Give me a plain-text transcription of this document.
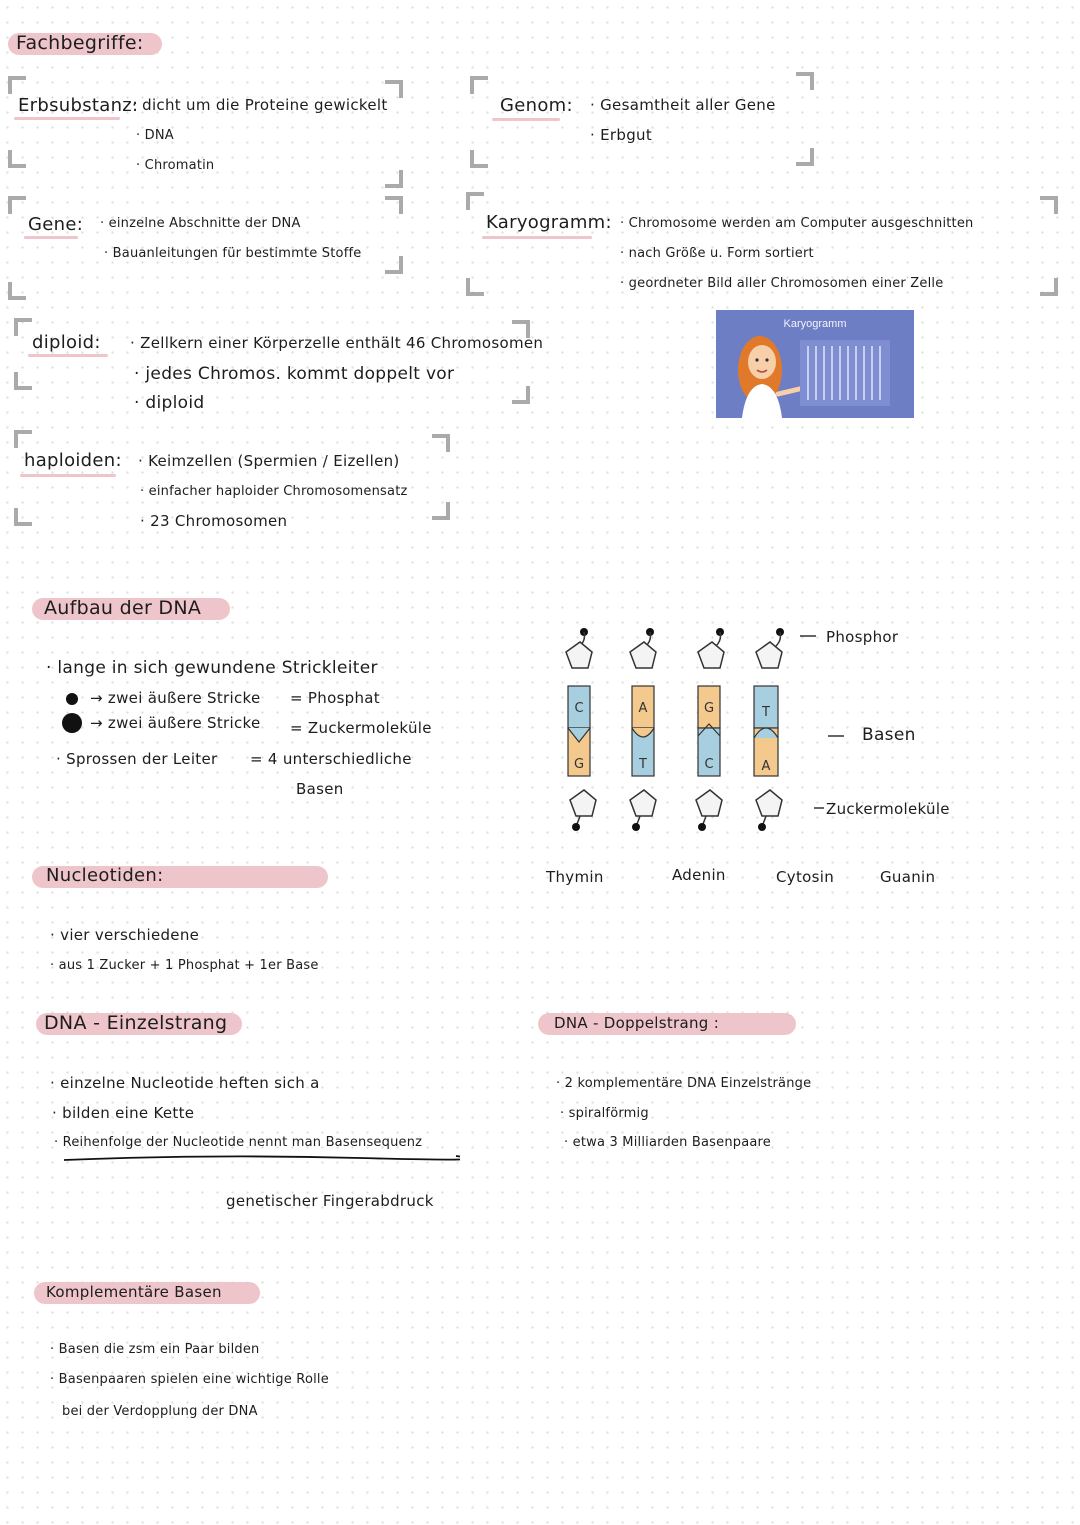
Fachbegriffe:
Erbsubstanz:
· dicht um die Proteine gewickelt
· DNA
· Chromatin
Genom: · Gesamtheit aller Gene
· Erbgut
Gene: · einzelne Abschnitte der DNA
· Bauanleitungen für bestimmte Stoffe
Karyogramm: · Chromosome werden am Computer ausgeschnitten
· nach Größe u. Form sortiert
· geordneter Bild aller Chromosomen einer Zelle
Karyogramm
diploid: · Zellkern einer Körperzelle enthält 46 Chromosomen
· jedes Chromos. kommt doppelt vor
· diploid
haploiden: · Keimzellen (Spermien / Eizellen)
· einfacher haploider Chromosomensatz
· 23 Chromosomen
Aufbau der DNA
· lange in sich gewundene Strickleiter
→ zwei äußere Stricke = Phosphat
→ zwei äußere Stricke = Zuckermoleküle
· Sprossen der Leiter = 4 unterschiedliche
Basen
C
G
A
T
G
C
T
A
Phosphor
Basen
Zuckermoleküle
Thymin	Adenin	Cytosin	Guanin
Nucleotiden:
· vier verschiedene
· aus 1 Zucker + 1 Phosphat + 1er Base
DNA - Einzelstrang
· einzelne Nucleotide heften sich a
· bilden eine Kette
· Reihenfolge der Nucleotide nennt man Basensequenz
genetischer Fingerabdruck
DNA - Doppelstrang :
· 2 komplementäre DNA Einzelstränge
· spiralförmig
· etwa 3 Milliarden Basenpaare
Komplementäre Basen
· Basen die zsm ein Paar bilden
· Basenpaaren spielen eine wichtige Rolle
bei der Verdopplung der DNA
